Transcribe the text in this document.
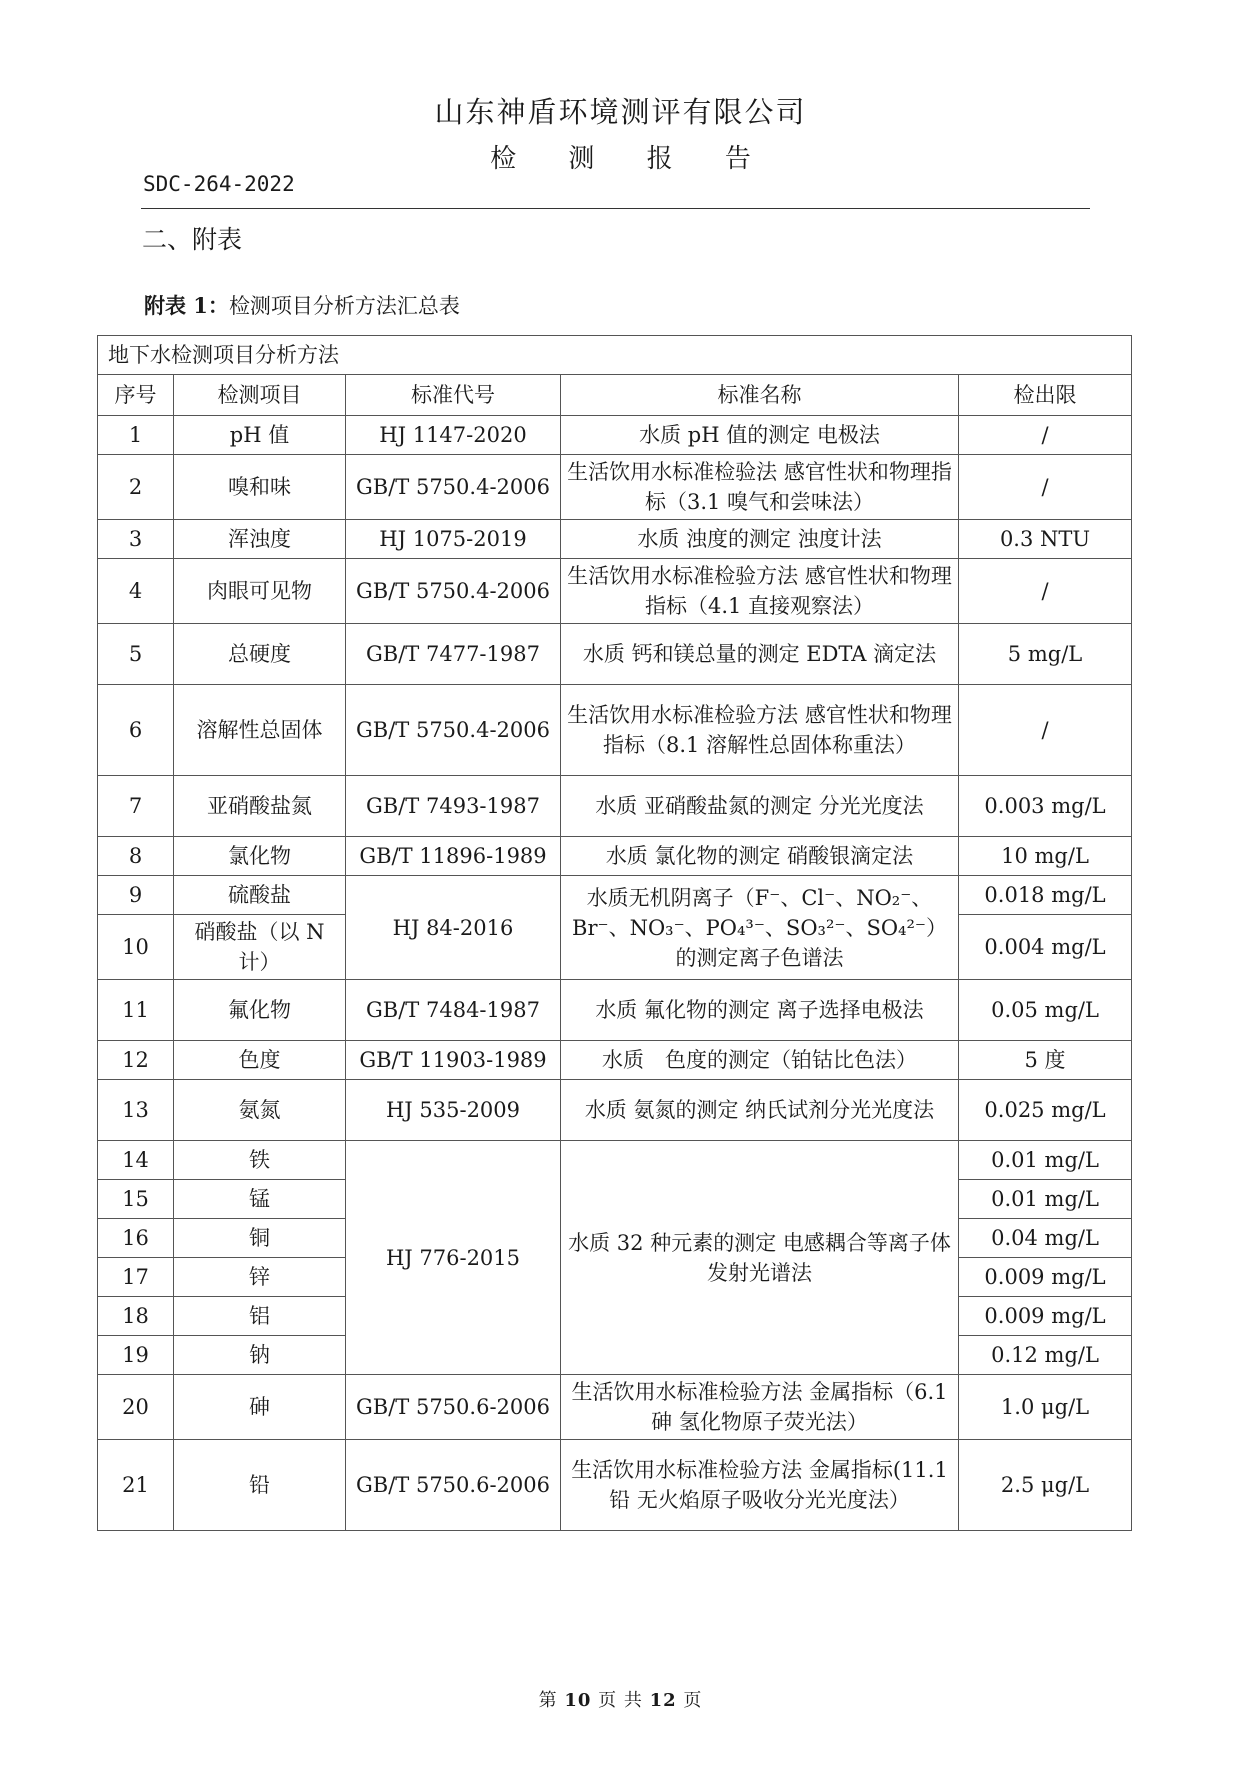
山东神盾环境测评有限公司
检 测 报 告
SDC-264-2022
二、附表
附表 1：检测项目分析方法汇总表
地下水检测项目分析方法				
序号	检测项目	标准代号	标准名称	检出限
1	pH 值	HJ 1147-2020	水质 pH 值的测定 电极法	/
2	嗅和味	GB/T 5750.4-2006	生活饮用水标准检验法 感官性状和物理指标（3.1 嗅气和尝味法）	/
3	浑浊度	HJ 1075-2019	水质 浊度的测定 浊度计法	0.3 NTU
4	肉眼可见物	GB/T 5750.4-2006	生活饮用水标准检验方法 感官性状和物理指标（4.1 直接观察法）	/
5	总硬度	GB/T 7477-1987	水质 钙和镁总量的测定 EDTA 滴定法	5 mg/L
6	溶解性总固体	GB/T 5750.4-2006	生活饮用水标准检验方法 感官性状和物理指标（8.1 溶解性总固体称重法）	/
7	亚硝酸盐氮	GB/T 7493-1987	水质 亚硝酸盐氮的测定 分光光度法	0.003 mg/L
8	氯化物	GB/T 11896-1989	水质 氯化物的测定 硝酸银滴定法	10 mg/L
9	硫酸盐	HJ 84-2016	水质无机阴离子（F⁻、Cl⁻、NO₂⁻、Br⁻、NO₃⁻、PO₄³⁻、SO₃²⁻、SO₄²⁻）的测定离子色谱法	0.018 mg/L
10	硝酸盐（以 N 计）			0.004 mg/L
11	氟化物	GB/T 7484-1987	水质 氟化物的测定 离子选择电极法	0.05 mg/L
12	色度	GB/T 11903-1989	水质　色度的测定（铂钴比色法）	5 度
13	氨氮	HJ 535-2009	水质 氨氮的测定 纳氏试剂分光光度法	0.025 mg/L
14	铁	HJ 776-2015	水质 32 种元素的测定 电感耦合等离子体发射光谱法	0.01 mg/L
15	锰			0.01 mg/L
16	铜			0.04 mg/L
17	锌			0.009 mg/L
18	铝			0.009 mg/L
19	钠			0.12 mg/L
20	砷	GB/T 5750.6-2006	生活饮用水标准检验方法 金属指标（6.1 砷 氢化物原子荧光法）	1.0 μg/L
21	铅	GB/T 5750.6-2006	生活饮用水标准检验方法 金属指标(11.1 铅 无火焰原子吸收分光光度法）	2.5 μg/L
第 10 页 共 12 页
